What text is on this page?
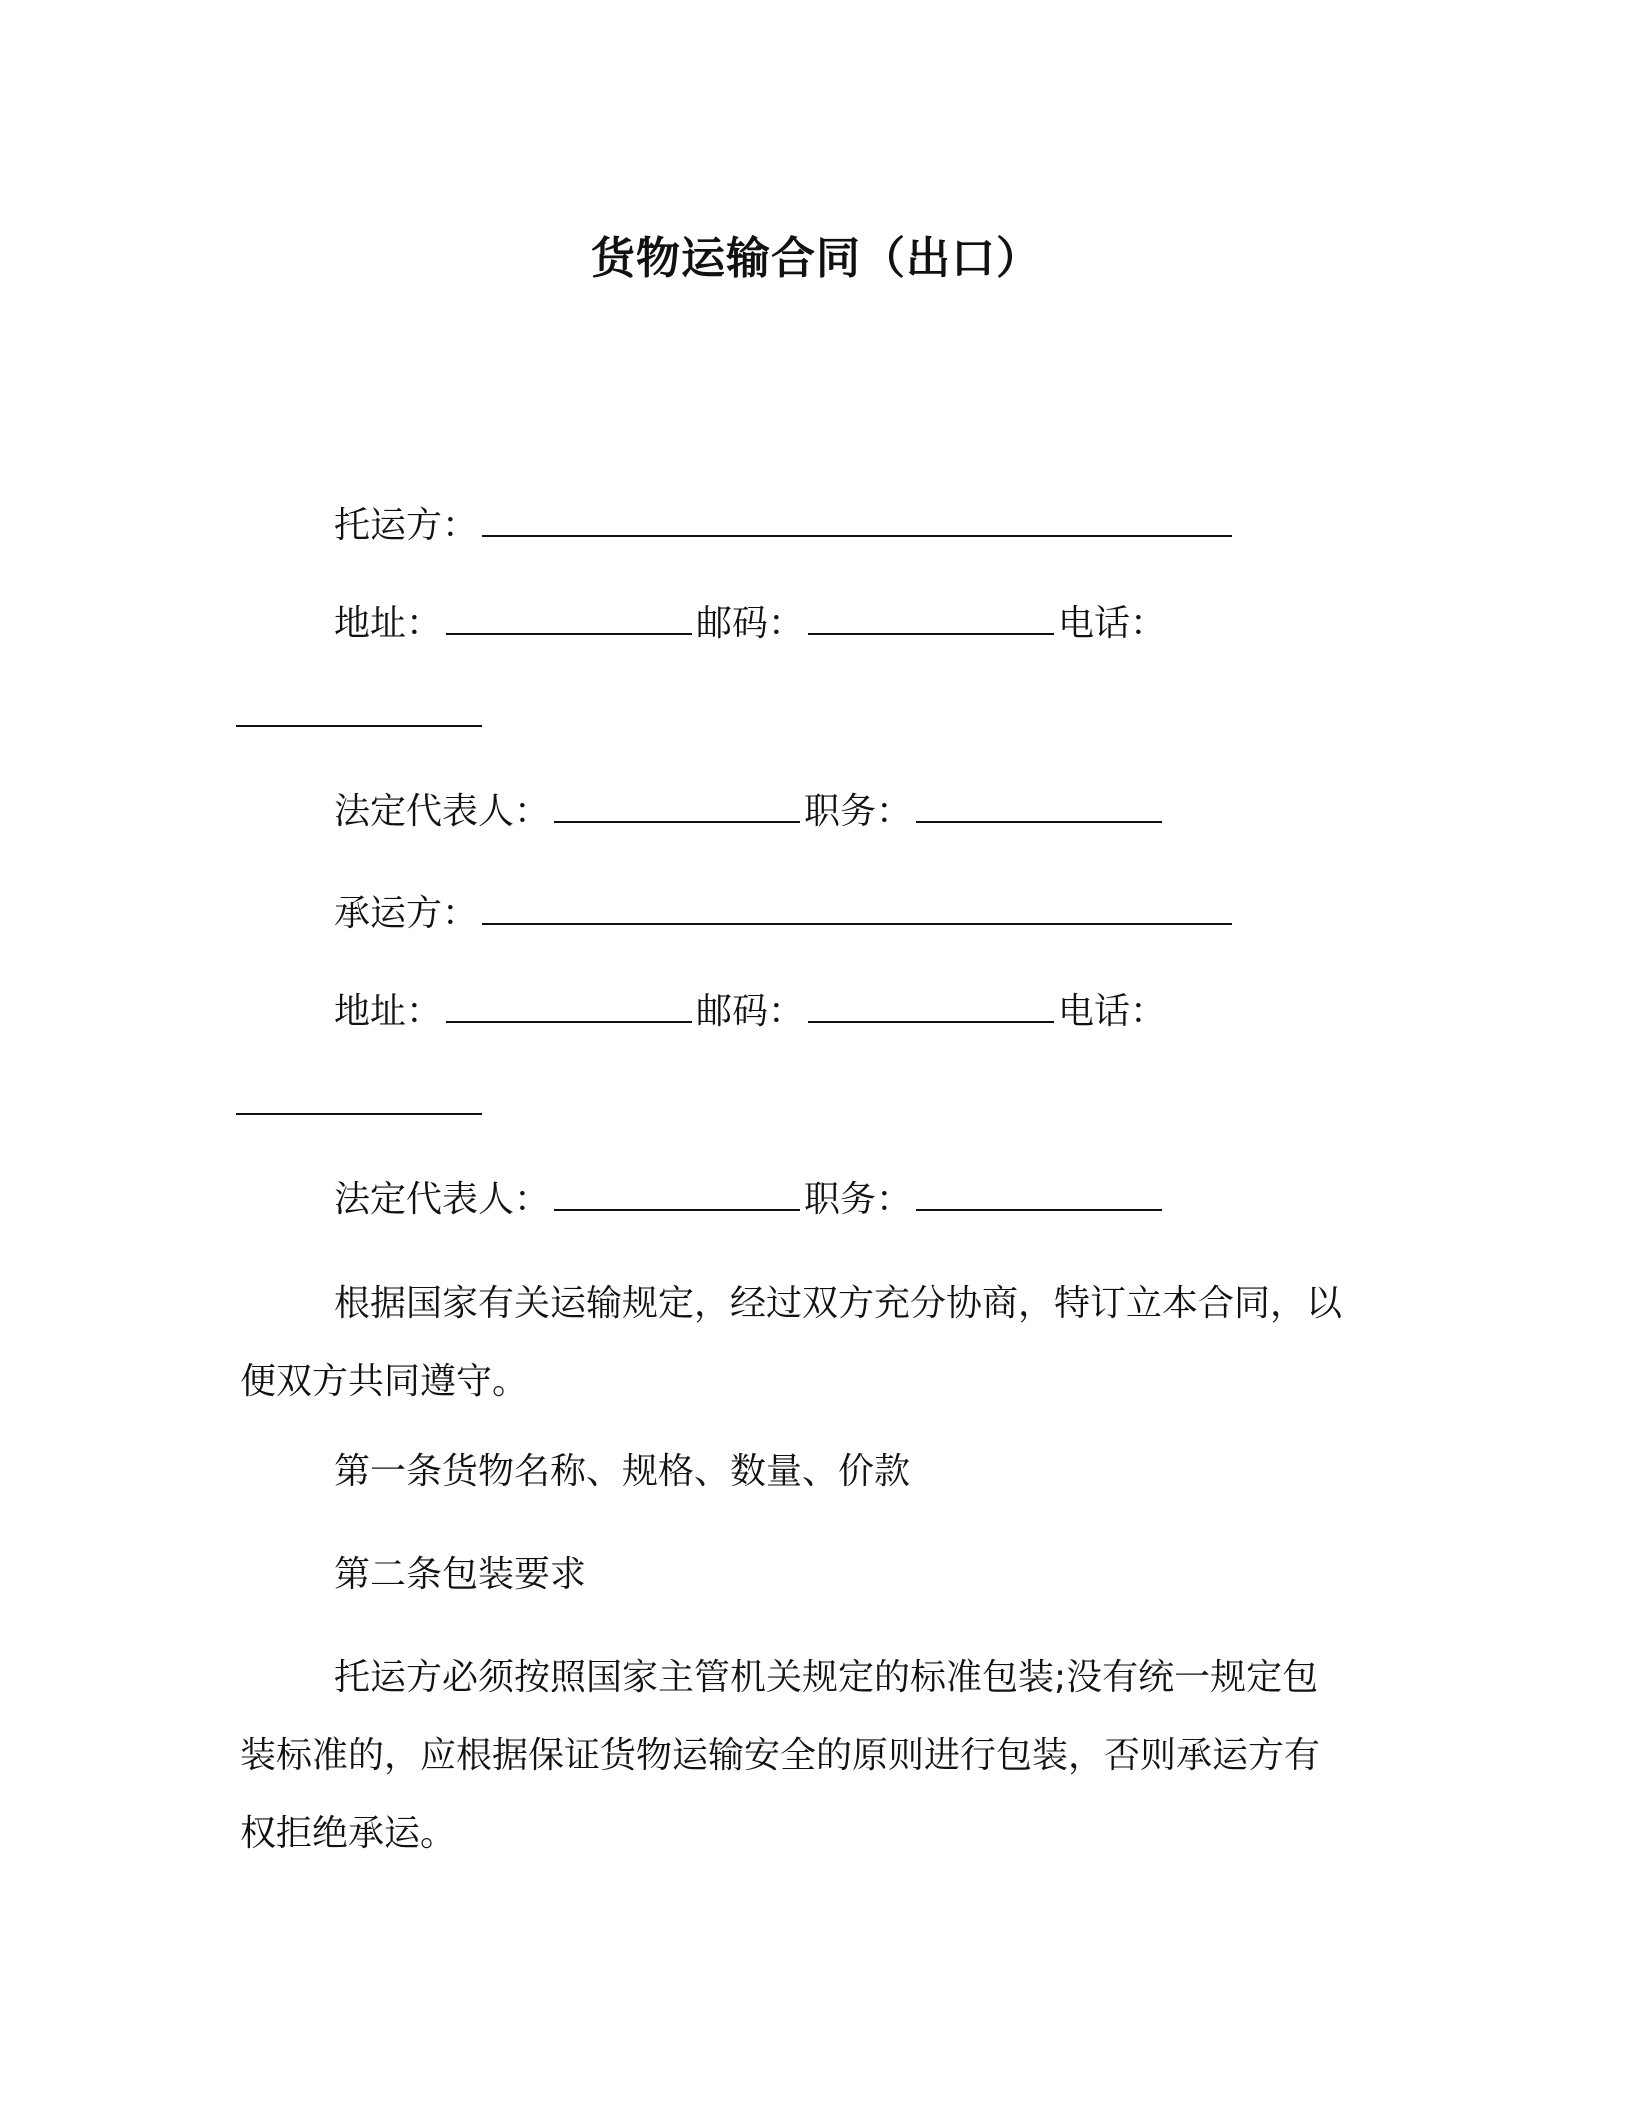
货物运输合同（出口）
托运方：
地址：	邮码：	电话：
法定代表人：	职务：
承运方：
地址：	邮码：	电话：
法定代表人：	职务：
根据国家有关运输规定，经过双方充分协商，特订立本合同，以
便双方共同遵守。
第一条货物名称、规格、数量、价款
第二条包装要求
托运方必须按照国家主管机关规定的标准包装;没有统一规定包
装标准的，应根据保证货物运输安全的原则进行包装，否则承运方有
权拒绝承运。
